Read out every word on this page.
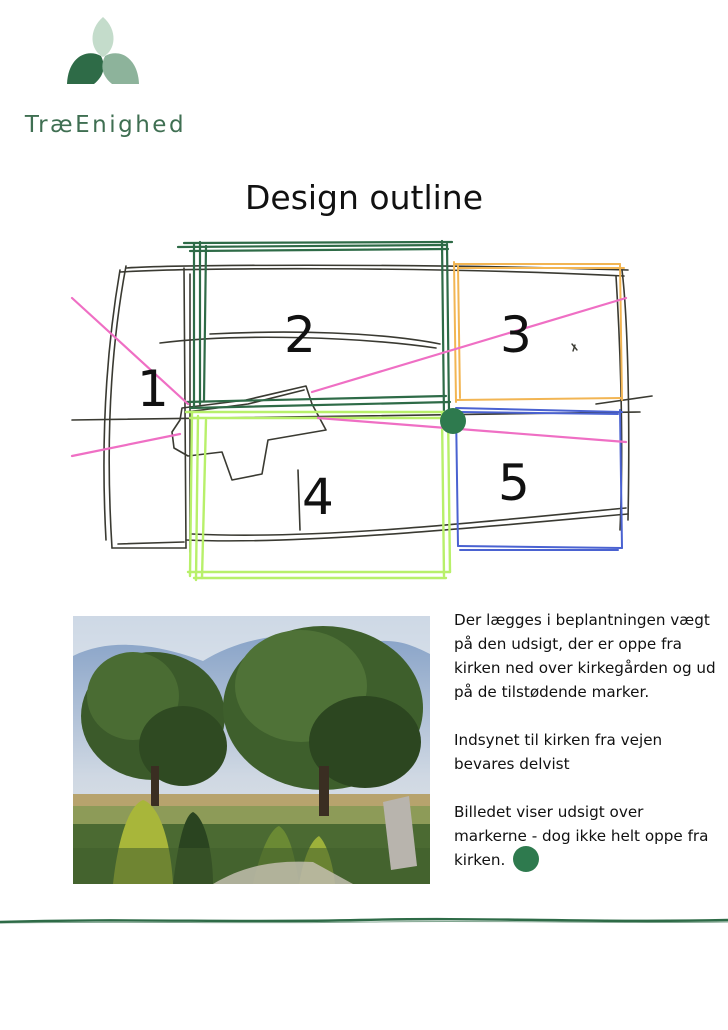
TræEnighed
Design outline
1
2	3
4	5

Der lægges i beplantningen vægt på den udsigt, der er oppe fra kirken ned over kirkegården og ud på de tilstødende marker.

Indsynet til kirken fra vejen bevares delvist

Billedet viser udsigt over markerne - dog ikke helt oppe fra kirken.
